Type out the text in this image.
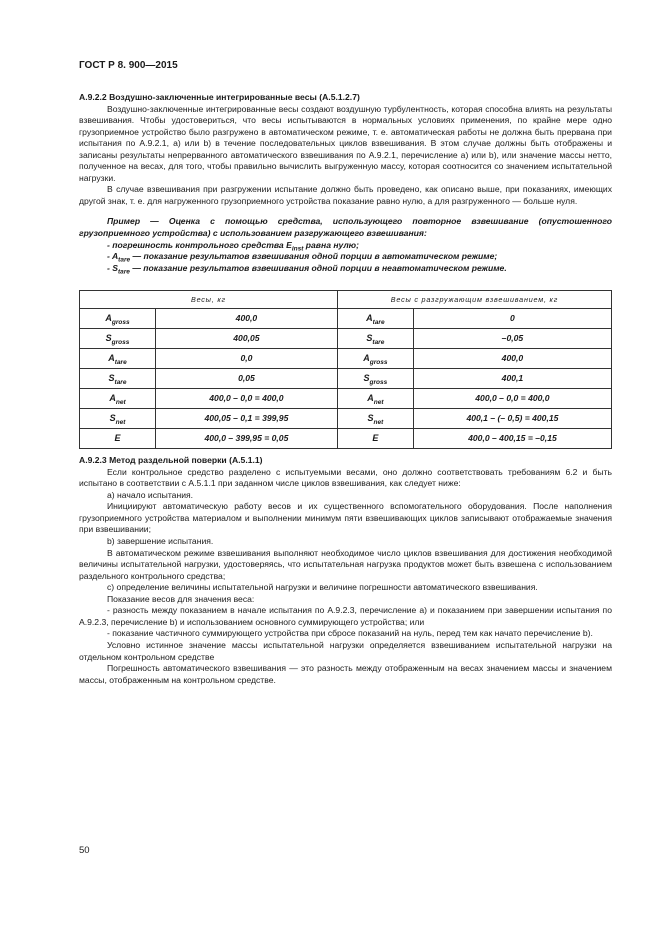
ГОСТ Р 8. 900—2015

А.9.2.2 Воздушно-заключенные интегрированные весы (А.5.1.2.7)

Воздушно-заключенные интегрированные весы создают воздушную турбулентность, которая способна влиять на результаты взвешивания. Чтобы удостовериться, что весы испытываются в нормальных условиях применения, по крайне мере одно грузоприемное устройство было разгружено в автоматическом режиме, т. е. автоматическая работы не должна быть прервана при испытания по А.9.2.1, а) или b) в течение последовательных циклов взвешивания. В этом случае должны быть отображены и записаны результаты непрерванного автоматического взвешивания по А.9.2.1, перечисление а) или b), или значение массы нетто, полученное на весах, для того, чтобы правильно вычислить выгруженную массу, которая соотносится со значением испытательной нагрузки.

В случае взвешивания при разгружении испытание должно быть проведено, как описано выше, при показаниях, имеющих другой знак, т. е. для нагруженного грузоприемного устройства показание равно нулю, а для разгруженного — больше нуля.

Пример — Оценка с помощью средства, использующего повторное взвешивание (опустошенного грузоприемного устройства) с использованием разгружающего взвешивания:

- погрешность контрольного средства $E_{inst}$ равна нулю;

- $A_{tare}$ — показание результатов взвешивания одной порции в автоматическом режиме;

- $S_{tare}$ — показание результатов взвешивания одной порции в неавтоматическом режиме.

Весы, кг		Весы с разгружающим взвешиванием, кг	
$A_{gross}$	400,0	$A_{tare}$	0
$S_{gross}$	400,05	$S_{tare}$	–0,05
$A_{tare}$	0,0	$A_{gross}$	400,0
$S_{tare}$	0,05	$S_{gross}$	400,1
$A_{net}$	400,0 – 0,0 = 400,0	$A_{net}$	400,0 – 0,0 = 400,0
$S_{net}$	400,05 – 0,1 = 399,95	$S_{net}$	400,1 – (– 0,5) = 400,15
E	400,0 – 399,95 = 0,05	E	400,0 – 400,15 = –0,15

А.9.2.3 Метод раздельной поверки (А.5.1.1)

Если контрольное средство разделено с испытуемыми весами, оно должно соответствовать требованиям 6.2 и быть испытано в соответствии с А.5.1.1 при заданном числе циклов взвешивания, как следует ниже:

а) начало испытания.

Инициируют автоматическую работу весов и их существенного вспомогательного оборудования. После наполнения грузоприемного устройства материалом и выполнении минимум пяти взвешивающих циклов записывают отображаемые значения при взвешивании;

b) завершение испытания.

В автоматическом режиме взвешивания выполняют необходимое число циклов взвешивания для достижения необходимой величины испытательной нагрузки, удостоверяясь, что испытательная нагрузка продуктов может быть взвешена с использованием раздельного контрольного средства;

с) определение величины испытательной нагрузки и величине погрешности автоматического взвешивания.

Показание весов для значения веса:

- разность между показанием в начале испытания по А.9.2.3, перечисление а) и показанием при завершении испытания по А.9.2.3, перечисление b) и использованием основного суммирующего устройства; или

- показание частичного суммирующего устройства при сбросе показаний на нуль, перед тем как начато перечисление b).

Условно истинное значение массы испытательной нагрузки определяется взвешиванием испытательной нагрузки на отдельном контрольном средстве

Погрешность автоматического взвешивания — это разность между отображенным на весах значением массы и значением массы, отображенным на контрольном средстве.

50
